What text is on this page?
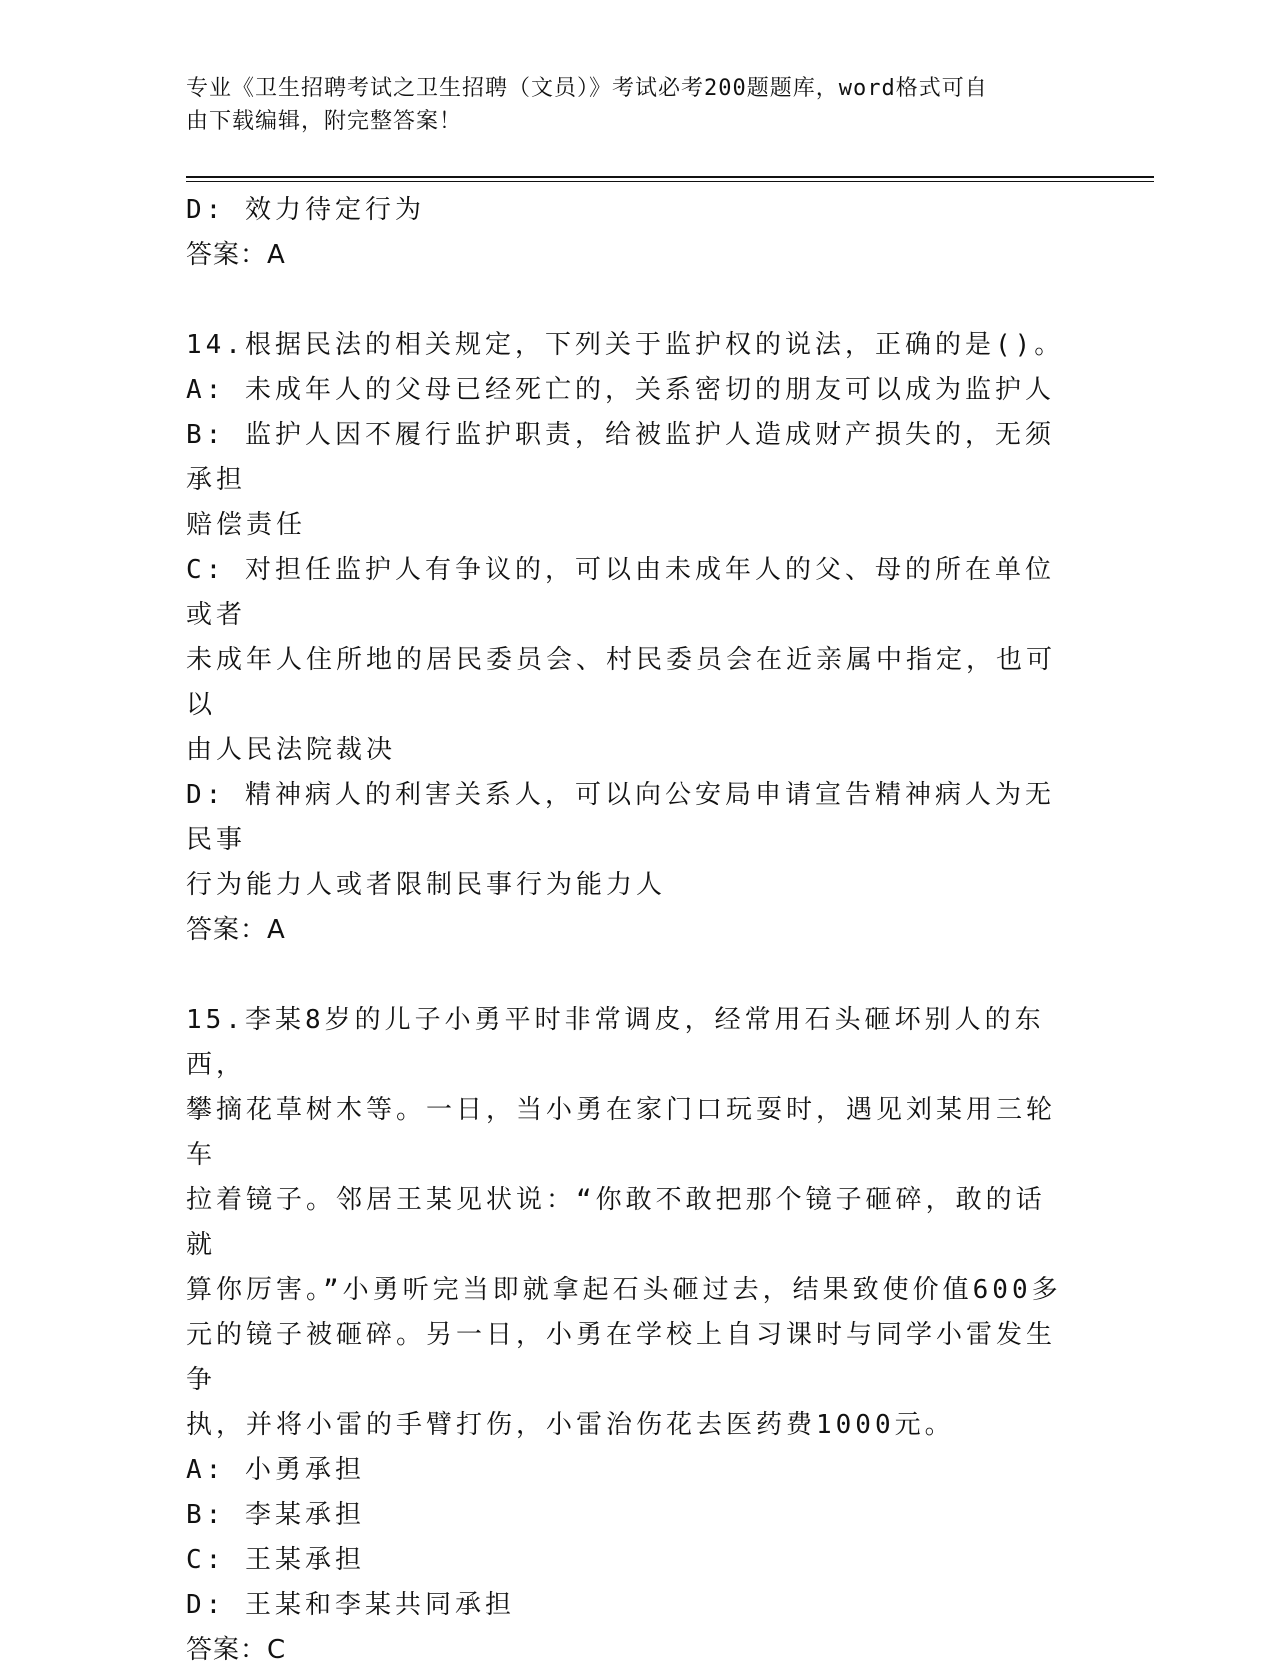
专业《卫生招聘考试之卫生招聘（文员）》考试必考200题题库，word格式可自
由下载编辑，附完整答案！
D: 效力待定行为
答案：A
14.根据民法的相关规定，下列关于监护权的说法，正确的是()。
A: 未成年人的父母已经死亡的，关系密切的朋友可以成为监护人
B: 监护人因不履行监护职责，给被监护人造成财产损失的，无须承担
赔偿责任
C: 对担任监护人有争议的，可以由未成年人的父、母的所在单位或者
未成年人住所地的居民委员会、村民委员会在近亲属中指定，也可以
由人民法院裁决
D: 精神病人的利害关系人，可以向公安局申请宣告精神病人为无民事
行为能力人或者限制民事行为能力人
答案：A
15.李某8岁的儿子小勇平时非常调皮，经常用石头砸坏别人的东西，
攀摘花草树木等。一日，当小勇在家门口玩耍时，遇见刘某用三轮车
拉着镜子。邻居王某见状说：“你敢不敢把那个镜子砸碎，敢的话就
算你厉害。”小勇听完当即就拿起石头砸过去，结果致使价值600多
元的镜子被砸碎。另一日，小勇在学校上自习课时与同学小雷发生争
执，并将小雷的手臂打伤，小雷治伤花去医药费1000元。
A: 小勇承担
B: 李某承担
C: 王某承担
D: 王某和李某共同承担
答案：C
